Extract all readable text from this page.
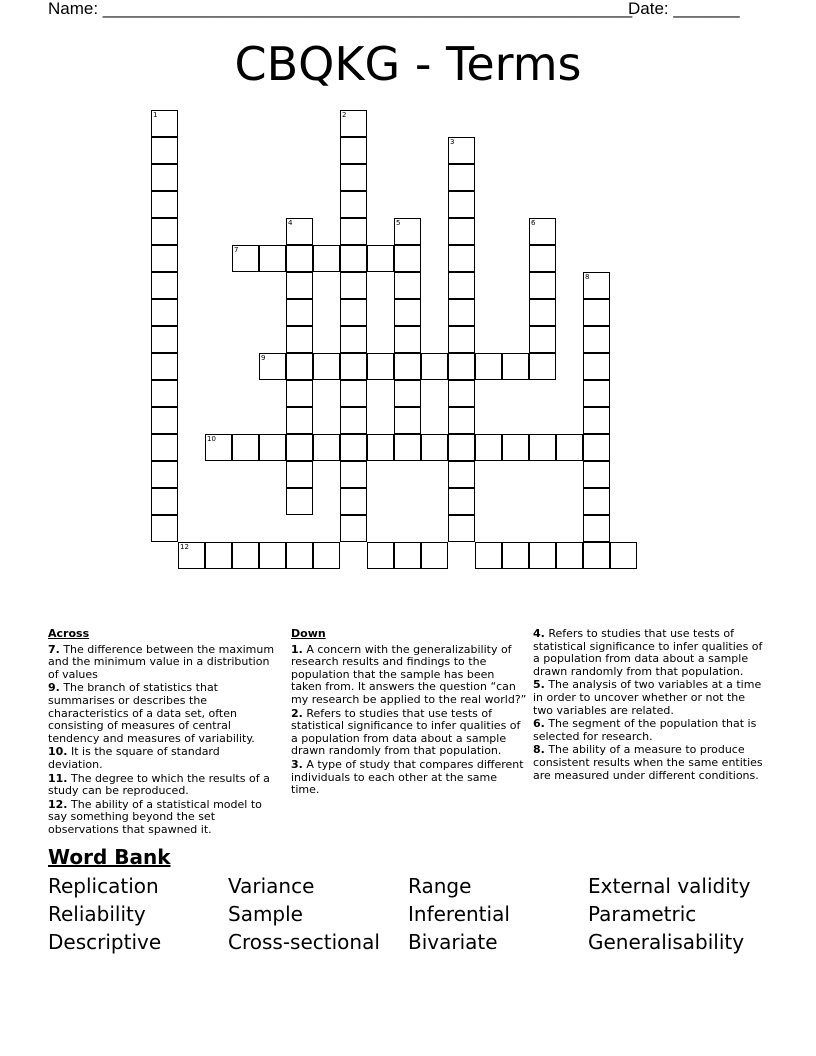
Name: ________________________________________________________
Date: _______
CBQKG - Terms
1	2
3
4	5	6
8
7
9
10
12
Across
7. The difference between the maximum and the minimum value in a distribution of values
9. The branch of statistics that summarises or describes the characteristics of a data set, often consisting of measures of central tendency and measures of variability.
10. It is the square of standard deviation.
11. The degree to which the results of a study can be reproduced.
12. The ability of a statistical model to say something beyond the set observations that spawned it.
Down
1. A concern with the generalizability of research results and findings to the population that the sample has been taken from. It answers the question “can my research be applied to the real world?”
2. Refers to studies that use tests of statistical significance to infer qualities of a population from data about a sample drawn randomly from that population.
3. A type of study that compares different individuals to each other at the same time.
4. Refers to studies that use tests of statistical significance to infer qualities of a population from data about a sample drawn randomly from that population.
5. The analysis of two variables at a time in order to uncover whether or not the two variables are related.
6. The segment of the population that is selected for research.
8. The ability of a measure to produce consistent results when the same entities are measured under different conditions.
Word Bank
Replication	Variance	Range	External validity
Reliability	Sample	Inferential	Parametric
Descriptive	Cross-sectional	Bivariate	Generalisability
